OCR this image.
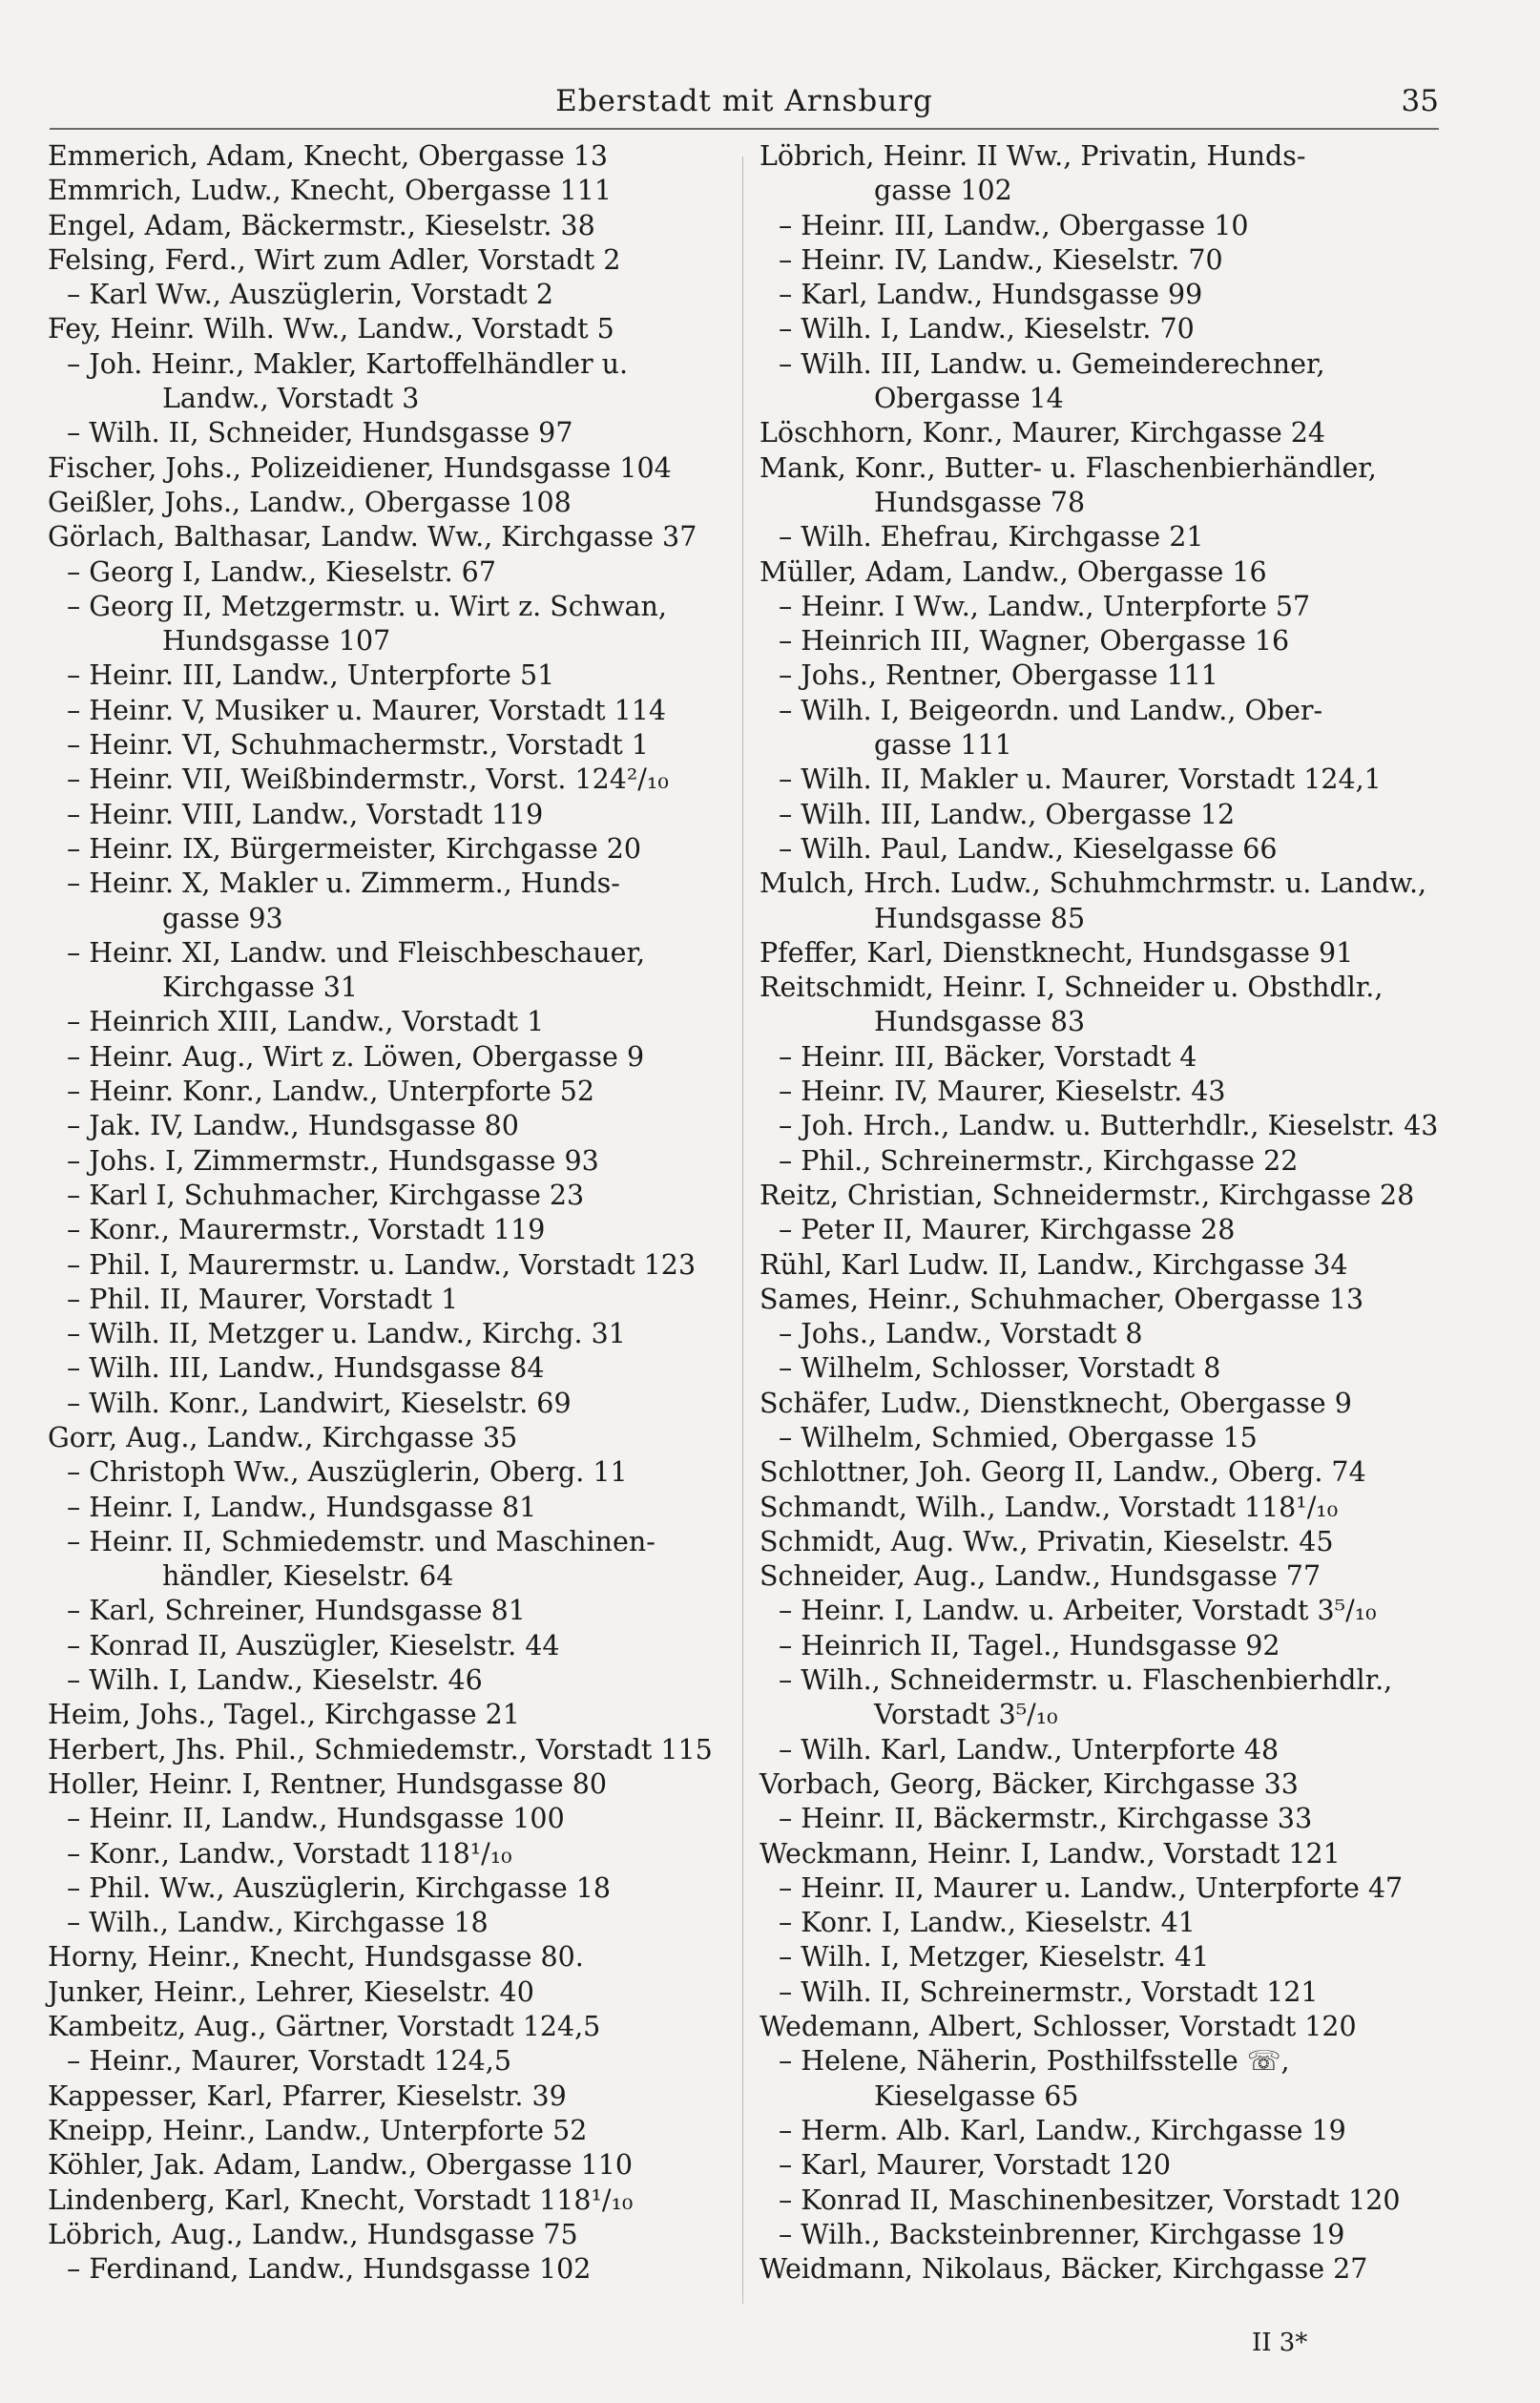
Eberstadt mit Arnsburg	35
Emmerich, Adam, Knecht, Obergasse 13
Emmrich, Ludw., Knecht, Obergasse 111
Engel, Adam, Bäckermstr., Kieselstr. 38
Felsing, Ferd., Wirt zum Adler, Vorstadt 2
– Karl Ww., Auszüglerin, Vorstadt 2
Fey, Heinr. Wilh. Ww., Landw., Vorstadt 5
– Joh. Heinr., Makler, Kartoffelhändler u.
Landw., Vorstadt 3
– Wilh. II, Schneider, Hundsgasse 97
Fischer, Johs., Polizeidiener, Hundsgasse 104
Geißler, Johs., Landw., Obergasse 108
Görlach, Balthasar, Landw. Ww., Kirchgasse 37
– Georg I, Landw., Kieselstr. 67
– Georg II, Metzgermstr. u. Wirt z. Schwan,
Hundsgasse 107
– Heinr. III, Landw., Unterpforte 51
– Heinr. V, Musiker u. Maurer, Vorstadt 114
– Heinr. VI, Schuhmachermstr., Vorstadt 1
– Heinr. VII, Weißbindermstr., Vorst. 124²/₁₀
– Heinr. VIII, Landw., Vorstadt 119
– Heinr. IX, Bürgermeister, Kirchgasse 20
– Heinr. X, Makler u. Zimmerm., Hunds-
gasse 93
– Heinr. XI, Landw. und Fleischbeschauer,
Kirchgasse 31
– Heinrich XIII, Landw., Vorstadt 1
– Heinr. Aug., Wirt z. Löwen, Obergasse 9
– Heinr. Konr., Landw., Unterpforte 52
– Jak. IV, Landw., Hundsgasse 80
– Johs. I, Zimmermstr., Hundsgasse 93
– Karl I, Schuhmacher, Kirchgasse 23
– Konr., Maurermstr., Vorstadt 119
– Phil. I, Maurermstr. u. Landw., Vorstadt 123
– Phil. II, Maurer, Vorstadt 1
– Wilh. II, Metzger u. Landw., Kirchg. 31
– Wilh. III, Landw., Hundsgasse 84
– Wilh. Konr., Landwirt, Kieselstr. 69
Gorr, Aug., Landw., Kirchgasse 35
– Christoph Ww., Auszüglerin, Oberg. 11
– Heinr. I, Landw., Hundsgasse 81
– Heinr. II, Schmiedemstr. und Maschinen-
händler, Kieselstr. 64
– Karl, Schreiner, Hundsgasse 81
– Konrad II, Auszügler, Kieselstr. 44
– Wilh. I, Landw., Kieselstr. 46
Heim, Johs., Tagel., Kirchgasse 21
Herbert, Jhs. Phil., Schmiedemstr., Vorstadt 115
Holler, Heinr. I, Rentner, Hundsgasse 80
– Heinr. II, Landw., Hundsgasse 100
– Konr., Landw., Vorstadt 118¹/₁₀
– Phil. Ww., Auszüglerin, Kirchgasse 18
– Wilh., Landw., Kirchgasse 18
Horny, Heinr., Knecht, Hundsgasse 80.
Junker, Heinr., Lehrer, Kieselstr. 40
Kambeitz, Aug., Gärtner, Vorstadt 124,5
– Heinr., Maurer, Vorstadt 124,5
Kappesser, Karl, Pfarrer, Kieselstr. 39
Kneipp, Heinr., Landw., Unterpforte 52
Köhler, Jak. Adam, Landw., Obergasse 110
Lindenberg, Karl, Knecht, Vorstadt 118¹/₁₀
Löbrich, Aug., Landw., Hundsgasse 75
– Ferdinand, Landw., Hundsgasse 102
Löbrich, Heinr. II Ww., Privatin, Hunds-
gasse 102
– Heinr. III, Landw., Obergasse 10
– Heinr. IV, Landw., Kieselstr. 70
– Karl, Landw., Hundsgasse 99
– Wilh. I, Landw., Kieselstr. 70
– Wilh. III, Landw. u. Gemeinderechner,
Obergasse 14
Löschhorn, Konr., Maurer, Kirchgasse 24
Mank, Konr., Butter- u. Flaschenbierhändler,
Hundsgasse 78
– Wilh. Ehefrau, Kirchgasse 21
Müller, Adam, Landw., Obergasse 16
– Heinr. I Ww., Landw., Unterpforte 57
– Heinrich III, Wagner, Obergasse 16
– Johs., Rentner, Obergasse 111
– Wilh. I, Beigeordn. und Landw., Ober-
gasse 111
– Wilh. II, Makler u. Maurer, Vorstadt 124,1
– Wilh. III, Landw., Obergasse 12
– Wilh. Paul, Landw., Kieselgasse 66
Mulch, Hrch. Ludw., Schuhmchrmstr. u. Landw.,
Hundsgasse 85
Pfeffer, Karl, Dienstknecht, Hundsgasse 91
Reitschmidt, Heinr. I, Schneider u. Obsthdlr.,
Hundsgasse 83
– Heinr. III, Bäcker, Vorstadt 4
– Heinr. IV, Maurer, Kieselstr. 43
– Joh. Hrch., Landw. u. Butterhdlr., Kieselstr. 43
– Phil., Schreinermstr., Kirchgasse 22
Reitz, Christian, Schneidermstr., Kirchgasse 28
– Peter II, Maurer, Kirchgasse 28
Rühl, Karl Ludw. II, Landw., Kirchgasse 34
Sames, Heinr., Schuhmacher, Obergasse 13
– Johs., Landw., Vorstadt 8
– Wilhelm, Schlosser, Vorstadt 8
Schäfer, Ludw., Dienstknecht, Obergasse 9
– Wilhelm, Schmied, Obergasse 15
Schlottner, Joh. Georg II, Landw., Oberg. 74
Schmandt, Wilh., Landw., Vorstadt 118¹/₁₀
Schmidt, Aug. Ww., Privatin, Kieselstr. 45
Schneider, Aug., Landw., Hundsgasse 77
– Heinr. I, Landw. u. Arbeiter, Vorstadt 3⁵/₁₀
– Heinrich II, Tagel., Hundsgasse 92
– Wilh., Schneidermstr. u. Flaschenbierhdlr.,
Vorstadt 3⁵/₁₀
– Wilh. Karl, Landw., Unterpforte 48
Vorbach, Georg, Bäcker, Kirchgasse 33
– Heinr. II, Bäckermstr., Kirchgasse 33
Weckmann, Heinr. I, Landw., Vorstadt 121
– Heinr. II, Maurer u. Landw., Unterpforte 47
– Konr. I, Landw., Kieselstr. 41
– Wilh. I, Metzger, Kieselstr. 41
– Wilh. II, Schreinermstr., Vorstadt 121
Wedemann, Albert, Schlosser, Vorstadt 120
– Helene, Näherin, Posthilfsstelle ☏,
Kieselgasse 65
– Herm. Alb. Karl, Landw., Kirchgasse 19
– Karl, Maurer, Vorstadt 120
– Konrad II, Maschinenbesitzer, Vorstadt 120
– Wilh., Backsteinbrenner, Kirchgasse 19
Weidmann, Nikolaus, Bäcker, Kirchgasse 27
II 3*
